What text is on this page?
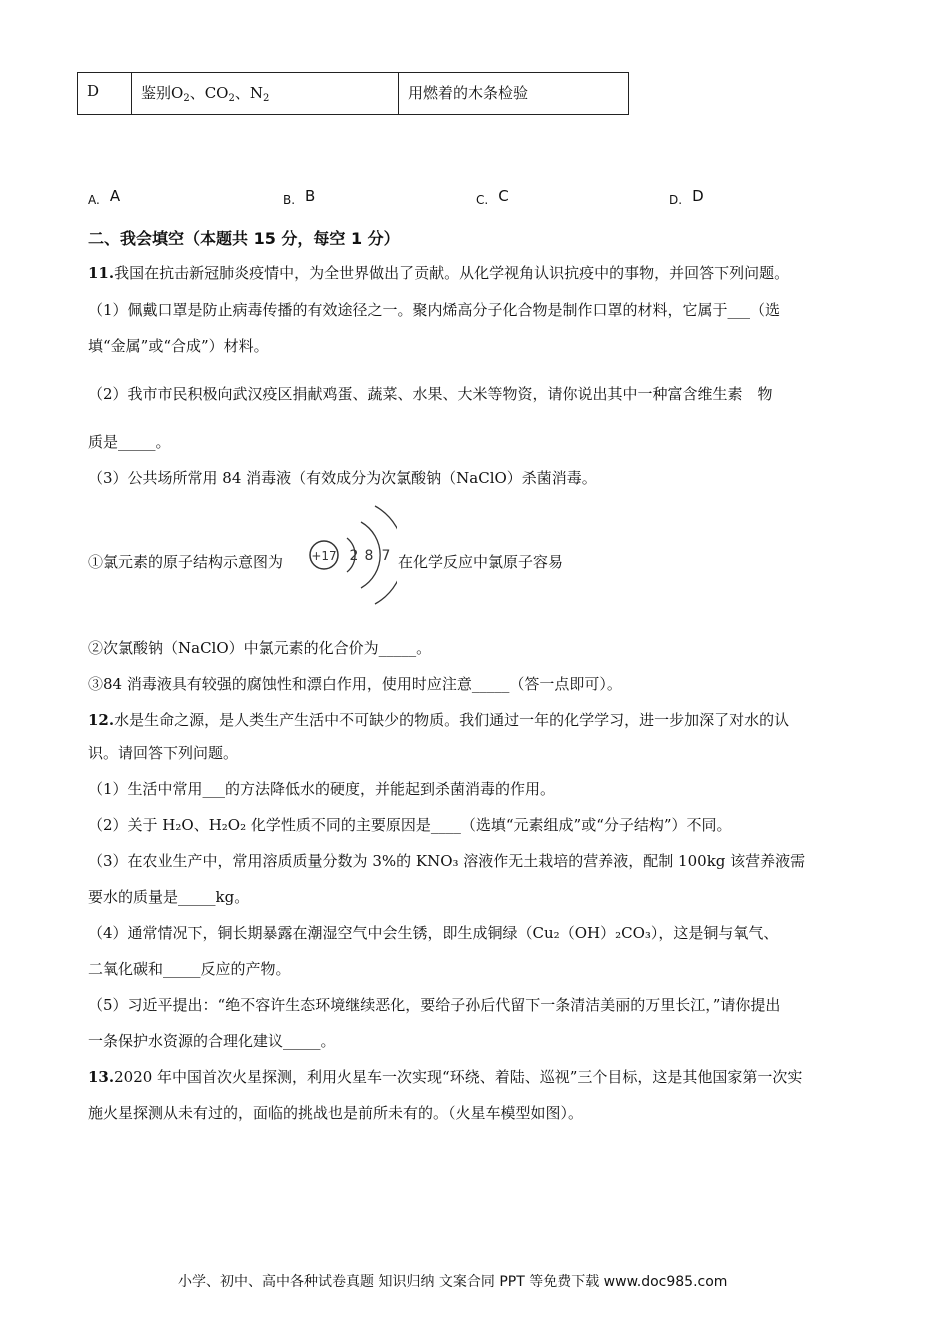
D	鉴别$O_2$、$CO_2$、$N_2$	用燃着的木条检验
A. A	B. B	C. C	D. D
二、我会填空（本题共 15 分，每空 1 分）
11.我国在抗击新冠肺炎疫情中，为全世界做出了贡献。从化学视角认识抗疫中的事物，并回答下列问题。
（1）佩戴口罩是防止病毒传播的有效途径之一。聚内烯高分子化合物是制作口罩的材料，它属于___（选
填“金属”或“合成”）材料。
（2）我市市民积极向武汉疫区捐献鸡蛋、蔬菜、水果、大米等物资，请你说出其中一种富含维生素　物
质是_____。
（3）公共场所常用 84 消毒液（有效成分为次氯酸钠（NaClO）杀菌消毒。
①氯元素的原子结构示意图为 +17 2 8 7 在化学反应中氯原子容易
②次氯酸钠（NaClO）中氯元素的化合价为_____。
③84 消毒液具有较强的腐蚀性和漂白作用，使用时应注意_____（答一点即可）。
12.水是生命之源，是人类生产生活中不可缺少的物质。我们通过一年的化学学习，进一步加深了对水的认
识。请回答下列问题。
（1）生活中常用___的方法降低水的硬度，并能起到杀菌消毒的作用。
（2）关于 H₂O、H₂O₂ 化学性质不同的主要原因是____（选填“元素组成”或“分子结构”）不同。
（3）在农业生产中，常用溶质质量分数为 3%的 KNO₃ 溶液作无土栽培的营养液，配制 100kg 该营养液需
要水的质量是_____kg。
（4）通常情况下，铜长期暴露在潮湿空气中会生锈，即生成铜绿（Cu₂（OH）₂CO₃），这是铜与氧气、
二氧化碳和_____反应的产物。
（5）习近平提出：“绝不容许生态环境继续恶化，要给子孙后代留下一条清洁美丽的万里长江，”请你提出
一条保护水资源的合理化建议_____。
13.2020 年中国首次火星探测，利用火星车一次实现“环绕、着陆、巡视”三个目标，这是其他国家第一次实
施火星探测从未有过的，面临的挑战也是前所未有的。（火星车模型如图）。
小学、初中、高中各种试卷真题 知识归纳 文案合同 PPT 等免费下载 www.doc985.com
